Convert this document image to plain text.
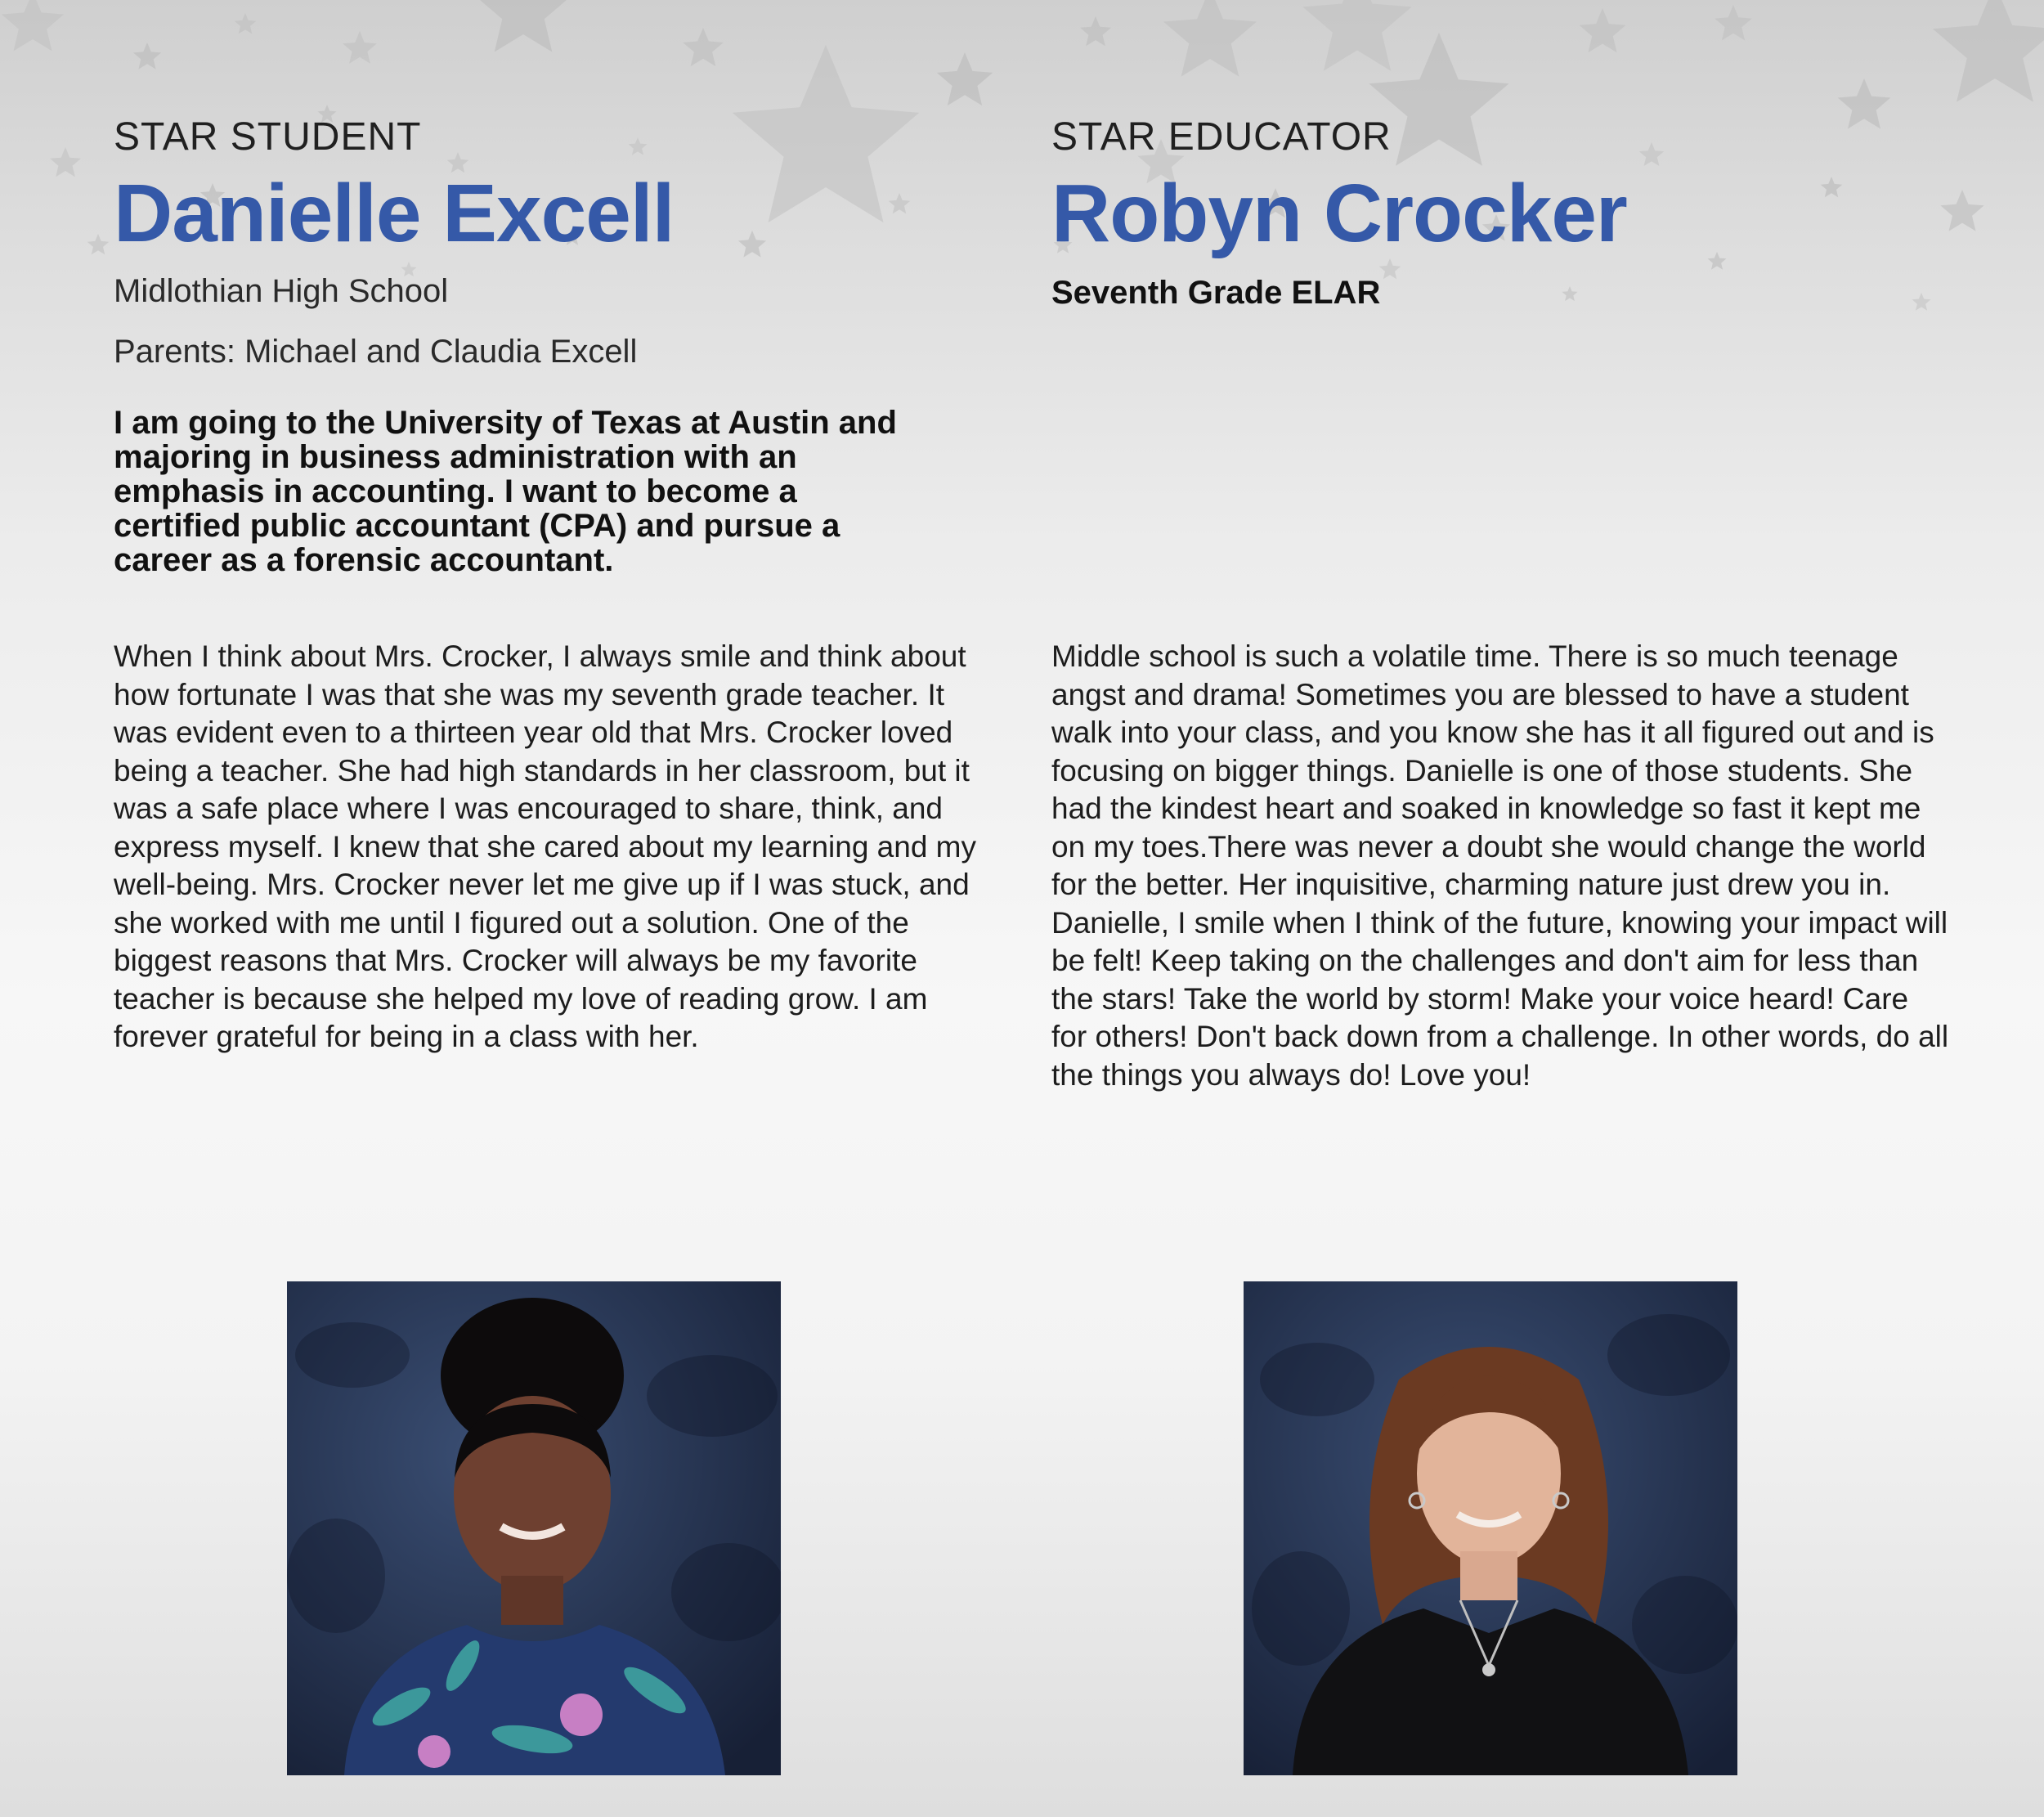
STAR STUDENT

Danielle Excell

Midlothian High School

Parents: Michael and Claudia Excell

I am going to the University of Texas at Austin and majoring in business administration with an emphasis in accounting. I want to become a certified public accountant (CPA) and pursue a career as a forensic accountant.

STAR EDUCATOR

Robyn Crocker

Seventh Grade ELAR

When I think about Mrs. Crocker, I always smile and think about how fortunate I was that she was my seventh grade teacher. It was evident even to a thirteen year old that Mrs. Crocker loved being a teacher. She had high standards in her classroom, but it was a safe place where I was encouraged to share, think, and express myself. I knew that she cared about my learning and my well-being. Mrs. Crocker never let me give up if I was stuck, and she worked with me until I figured out a solution. One of the biggest reasons that Mrs. Crocker will always be my favorite teacher is because she helped my love of reading grow. I am forever grateful for being in a class with her.

Middle school is such a volatile time. There is so much teenage angst and drama! Sometimes you are blessed to have a student walk into your class, and you know she has it all figured out and is focusing on bigger things. Danielle is one of those students. She had the kindest heart and soaked in knowledge so fast it kept me on my toes.There was never a doubt she would change the world for the better. Her inquisitive, charming nature just drew you in. Danielle, I smile when I think of the future, knowing your impact will be felt! Keep taking on the challenges and don't aim for less than the stars! Take the world by storm! Make your voice heard! Care for others! Don't back down from a challenge. In other words, do all the things you always do! Love you!
